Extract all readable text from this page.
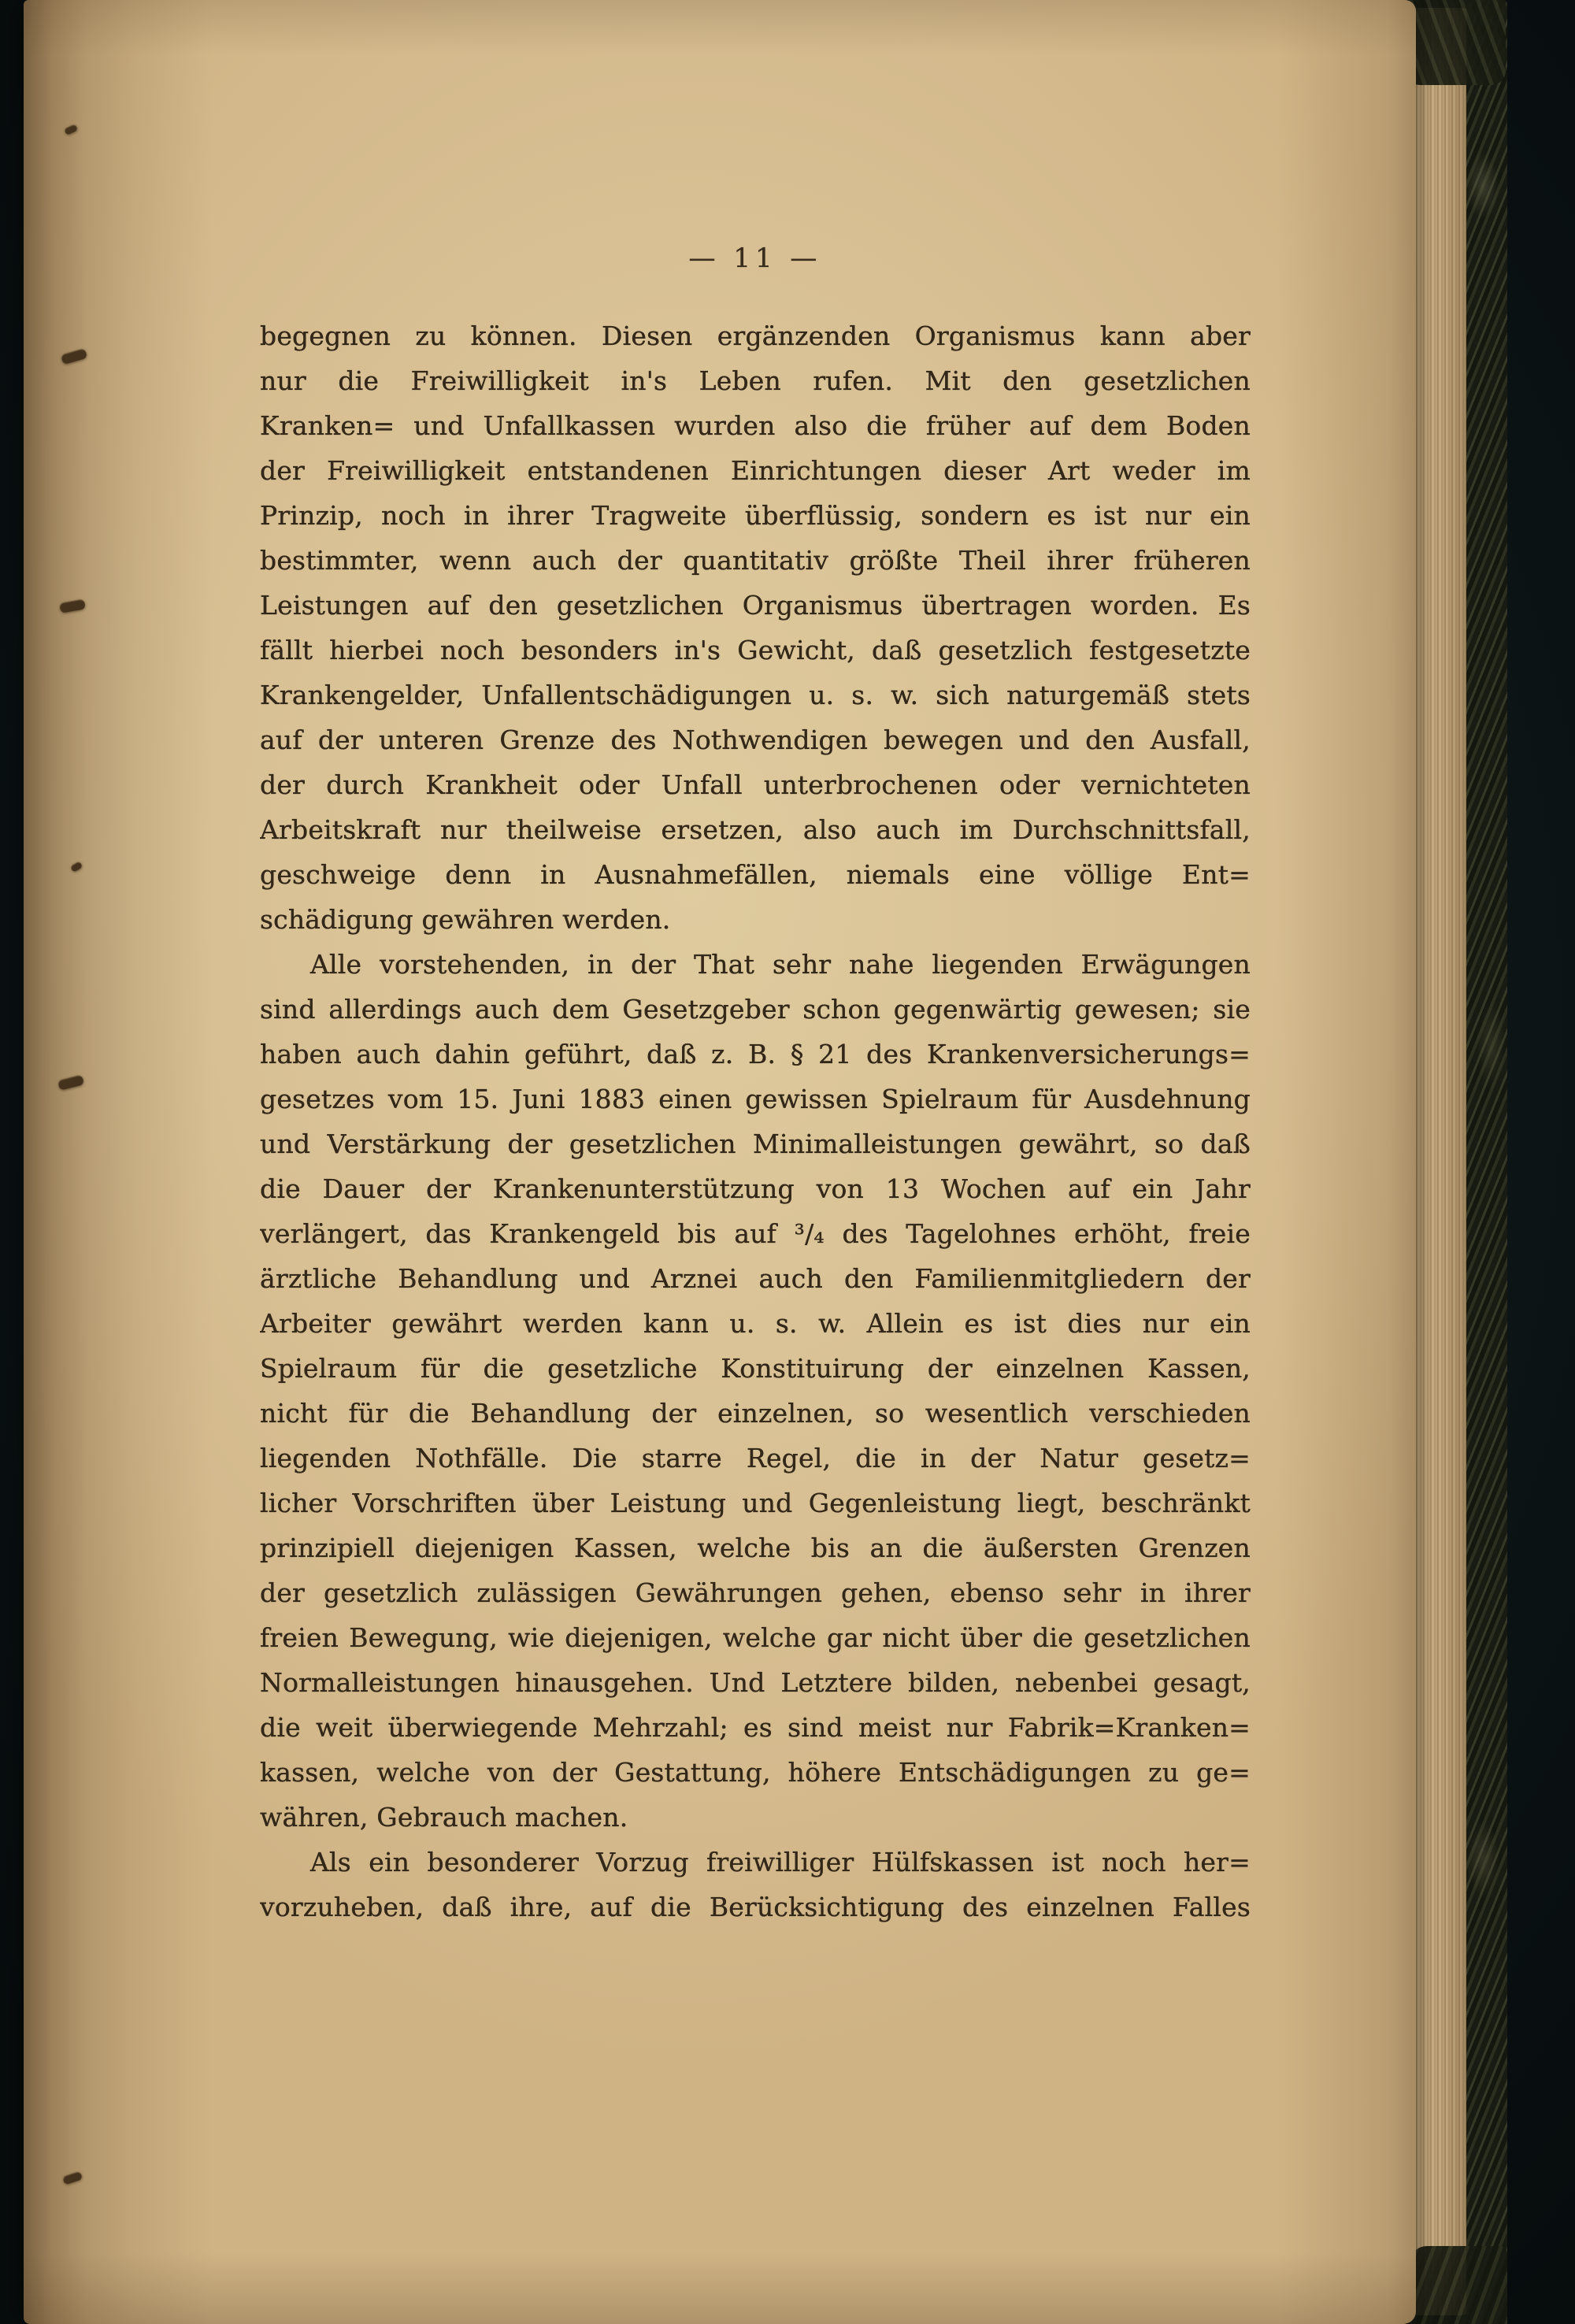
— 11 —
begegnen zu können. Diesen ergänzenden Organismus kann aber
nur die Freiwilligkeit in's Leben rufen. Mit den gesetzlichen
Kranken= und Unfallkassen wurden also die früher auf dem Boden
der Freiwilligkeit entstandenen Einrichtungen dieser Art weder im
Prinzip, noch in ihrer Tragweite überflüssig, sondern es ist nur ein
bestimmter, wenn auch der quantitativ größte Theil ihrer früheren
Leistungen auf den gesetzlichen Organismus übertragen worden. Es
fällt hierbei noch besonders in's Gewicht, daß gesetzlich festgesetzte
Krankengelder, Unfallentschädigungen u. s. w. sich naturgemäß stets
auf der unteren Grenze des Nothwendigen bewegen und den Ausfall,
der durch Krankheit oder Unfall unterbrochenen oder vernichteten
Arbeitskraft nur theilweise ersetzen, also auch im Durchschnittsfall,
geschweige denn in Ausnahmefällen, niemals eine völlige Ent=
schädigung gewähren werden.
Alle vorstehenden, in der That sehr nahe liegenden Erwägungen
sind allerdings auch dem Gesetzgeber schon gegenwärtig gewesen; sie
haben auch dahin geführt, daß z. B. § 21 des Krankenversicherungs=
gesetzes vom 15. Juni 1883 einen gewissen Spielraum für Ausdehnung
und Verstärkung der gesetzlichen Minimalleistungen gewährt, so daß
die Dauer der Krankenunterstützung von 13 Wochen auf ein Jahr
verlängert, das Krankengeld bis auf ³/₄ des Tagelohnes erhöht, freie
ärztliche Behandlung und Arznei auch den Familienmitgliedern der
Arbeiter gewährt werden kann u. s. w. Allein es ist dies nur ein
Spielraum für die gesetzliche Konstituirung der einzelnen Kassen,
nicht für die Behandlung der einzelnen, so wesentlich verschieden
liegenden Nothfälle. Die starre Regel, die in der Natur gesetz=
licher Vorschriften über Leistung und Gegenleistung liegt, beschränkt
prinzipiell diejenigen Kassen, welche bis an die äußersten Grenzen
der gesetzlich zulässigen Gewährungen gehen, ebenso sehr in ihrer
freien Bewegung, wie diejenigen, welche gar nicht über die gesetzlichen
Normalleistungen hinausgehen. Und Letztere bilden, nebenbei gesagt,
die weit überwiegende Mehrzahl; es sind meist nur Fabrik=Kranken=
kassen, welche von der Gestattung, höhere Entschädigungen zu ge=
währen, Gebrauch machen.
Als ein besonderer Vorzug freiwilliger Hülfskassen ist noch her=
vorzuheben, daß ihre, auf die Berücksichtigung des einzelnen Falles
